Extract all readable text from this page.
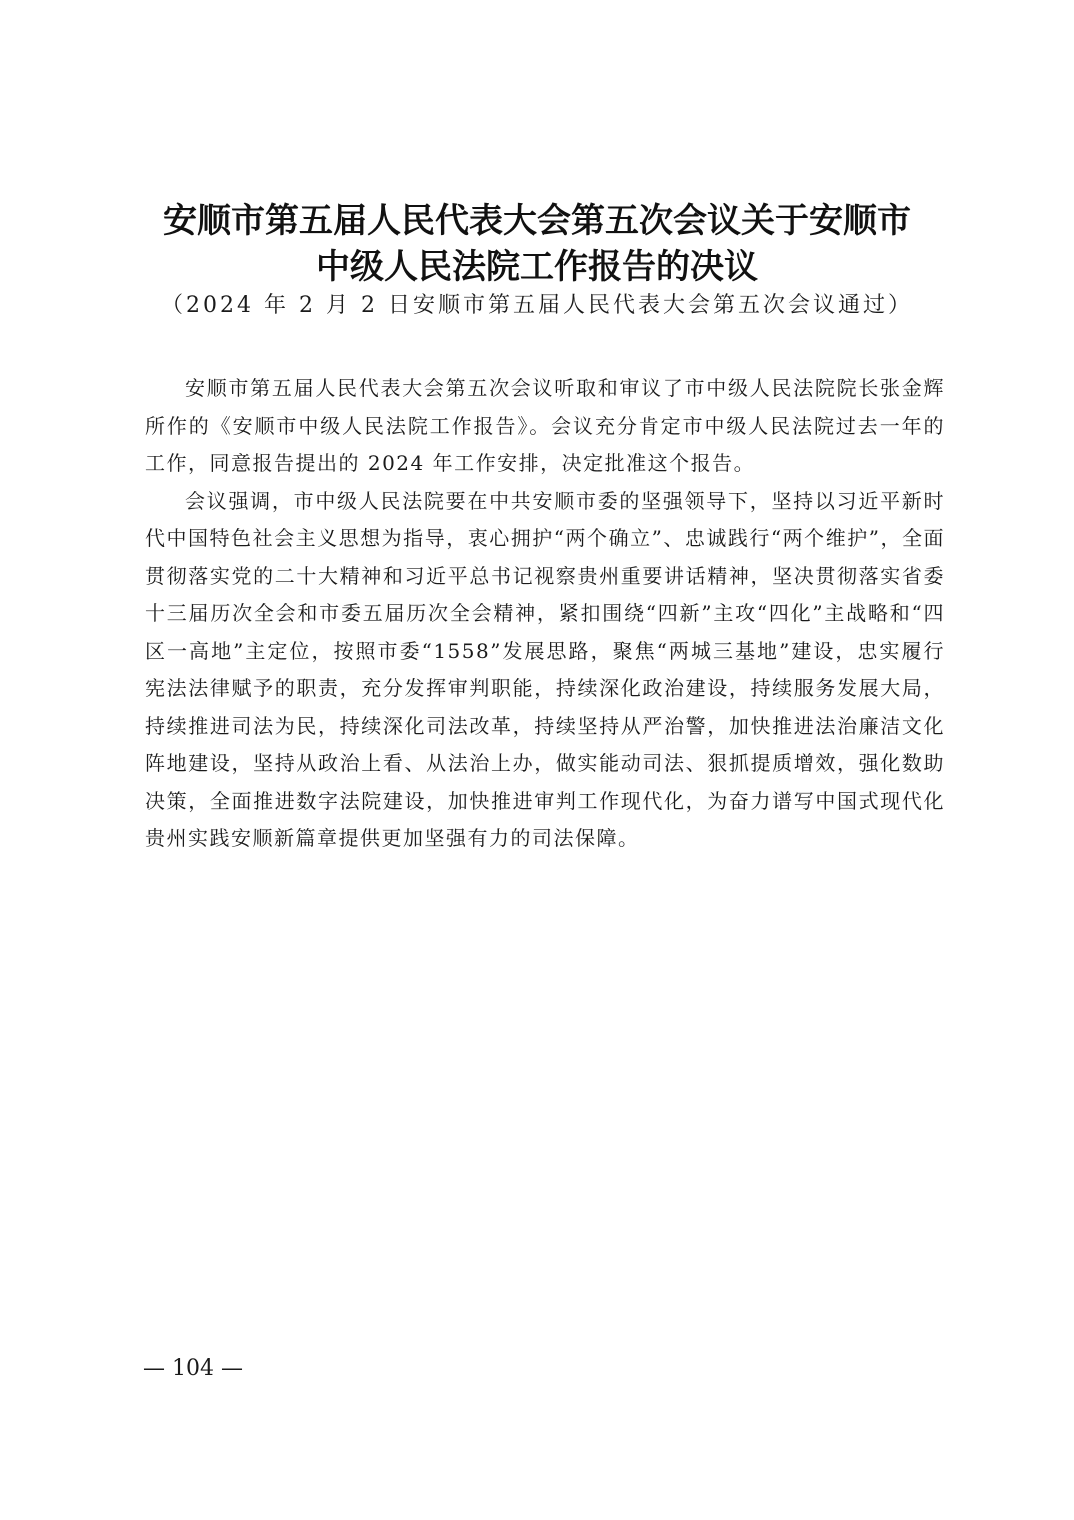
安顺市第五届人民代表大会第五次会议关于安顺市
中级人民法院工作报告的决议
（2024 年 2 月 2 日安顺市第五届人民代表大会第五次会议通过）

安顺市第五届人民代表大会第五次会议听取和审议了市中级人民法院院长张金辉所作的《安顺市中级人民法院工作报告》。会议充分肯定市中级人民法院过去一年的工作，同意报告提出的 2024 年工作安排，决定批准这个报告。

会议强调，市中级人民法院要在中共安顺市委的坚强领导下，坚持以习近平新时代中国特色社会主义思想为指导，衷心拥护“两个确立”、忠诚践行“两个维护”，全面贯彻落实党的二十大精神和习近平总书记视察贵州重要讲话精神，坚决贯彻落实省委十三届历次全会和市委五届历次全会精神，紧扣围绕“四新”主攻“四化”主战略和“四区一高地”主定位，按照市委“1558”发展思路，聚焦“两城三基地”建设，忠实履行宪法法律赋予的职责，充分发挥审判职能，持续深化政治建设，持续服务发展大局，持续推进司法为民，持续深化司法改革，持续坚持从严治警，加快推进法治廉洁文化阵地建设，坚持从政治上看、从法治上办，做实能动司法、狠抓提质增效，强化数助决策，全面推进数字法院建设，加快推进审判工作现代化，为奋力谱写中国式现代化贵州实践安顺新篇章提供更加坚强有力的司法保障。

— 104 —
